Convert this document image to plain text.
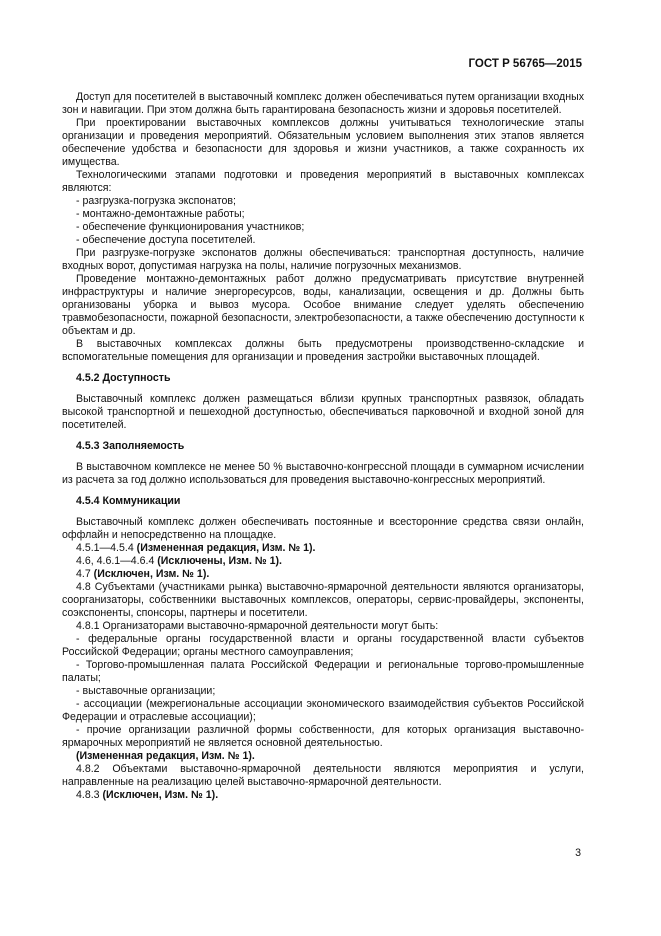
ГОСТ Р 56765—2015

Доступ для посетителей в выставочный комплекс должен обеспечиваться путем организации входных зон и навигации. При этом должна быть гарантирована безопасность жизни и здоровья посетителей.

При проектировании выставочных комплексов должны учитываться технологические этапы организации и проведения мероприятий. Обязательным условием выполнения этих этапов является обеспечение удобства и безопасности для здоровья и жизни участников, а также сохранность их имущества.

Технологическими этапами подготовки и проведения мероприятий в выставочных комплексах являются:

- разгрузка-погрузка экспонатов;

- монтажно-демонтажные работы;

- обеспечение функционирования участников;

- обеспечение доступа посетителей.

При разгрузке-погрузке экспонатов должны обеспечиваться: транспортная доступность, наличие входных ворот, допустимая нагрузка на полы, наличие погрузочных механизмов.

Проведение монтажно-демонтажных работ должно предусматривать присутствие внутренней инфраструктуры и наличие энергоресурсов, воды, канализации, освещения и др. Должны быть организованы уборка и вывоз мусора. Особое внимание следует уделять обеспечению травмобезопасности, пожарной безопасности, электробезопасности, а также обеспечению доступности к объектам и др.

В выставочных комплексах должны быть предусмотрены производственно-складские и вспомогательные помещения для организации и проведения застройки выставочных площадей.

4.5.2 Доступность

Выставочный комплекс должен размещаться вблизи крупных транспортных развязок, обладать высокой транспортной и пешеходной доступностью, обеспечиваться парковочной и входной зоной для посетителей.

4.5.3 Заполняемость

В выставочном комплексе не менее 50 % выставочно-конгрессной площади в суммарном исчислении из расчета за год должно использоваться для проведения выставочно-конгрессных мероприятий.

4.5.4 Коммуникации

Выставочный комплекс должен обеспечивать постоянные и всесторонние средства связи онлайн, оффлайн и непосредственно на площадке.

4.5.1—4.5.4 (Измененная редакция, Изм. № 1).

4.6, 4.6.1—4.6.4 (Исключены, Изм. № 1).

4.7 (Исключен, Изм. № 1).

4.8 Субъектами (участниками рынка) выставочно-ярмарочной деятельности являются организаторы, соорганизаторы, собственники выставочных комплексов, операторы, сервис-провайдеры, экспоненты, соэкспоненты, спонсоры, партнеры и посетители.

4.8.1 Организаторами выставочно-ярмарочной деятельности могут быть:

- федеральные органы государственной власти и органы государственной власти субъектов Российской Федерации; органы местного самоуправления;

- Торгово-промышленная палата Российской Федерации и региональные торгово-промышленные палаты;

- выставочные организации;

- ассоциации (межрегиональные ассоциации экономического взаимодействия субъектов Российской Федерации и отраслевые ассоциации);

- прочие организации различной формы собственности, для которых организация выставочно-ярмарочных мероприятий не является основной деятельностью.

(Измененная редакция, Изм. № 1).

4.8.2 Объектами выставочно-ярмарочной деятельности являются мероприятия и услуги, направленные на реализацию целей выставочно-ярмарочной деятельности.

4.8.3 (Исключен, Изм. № 1).

3
